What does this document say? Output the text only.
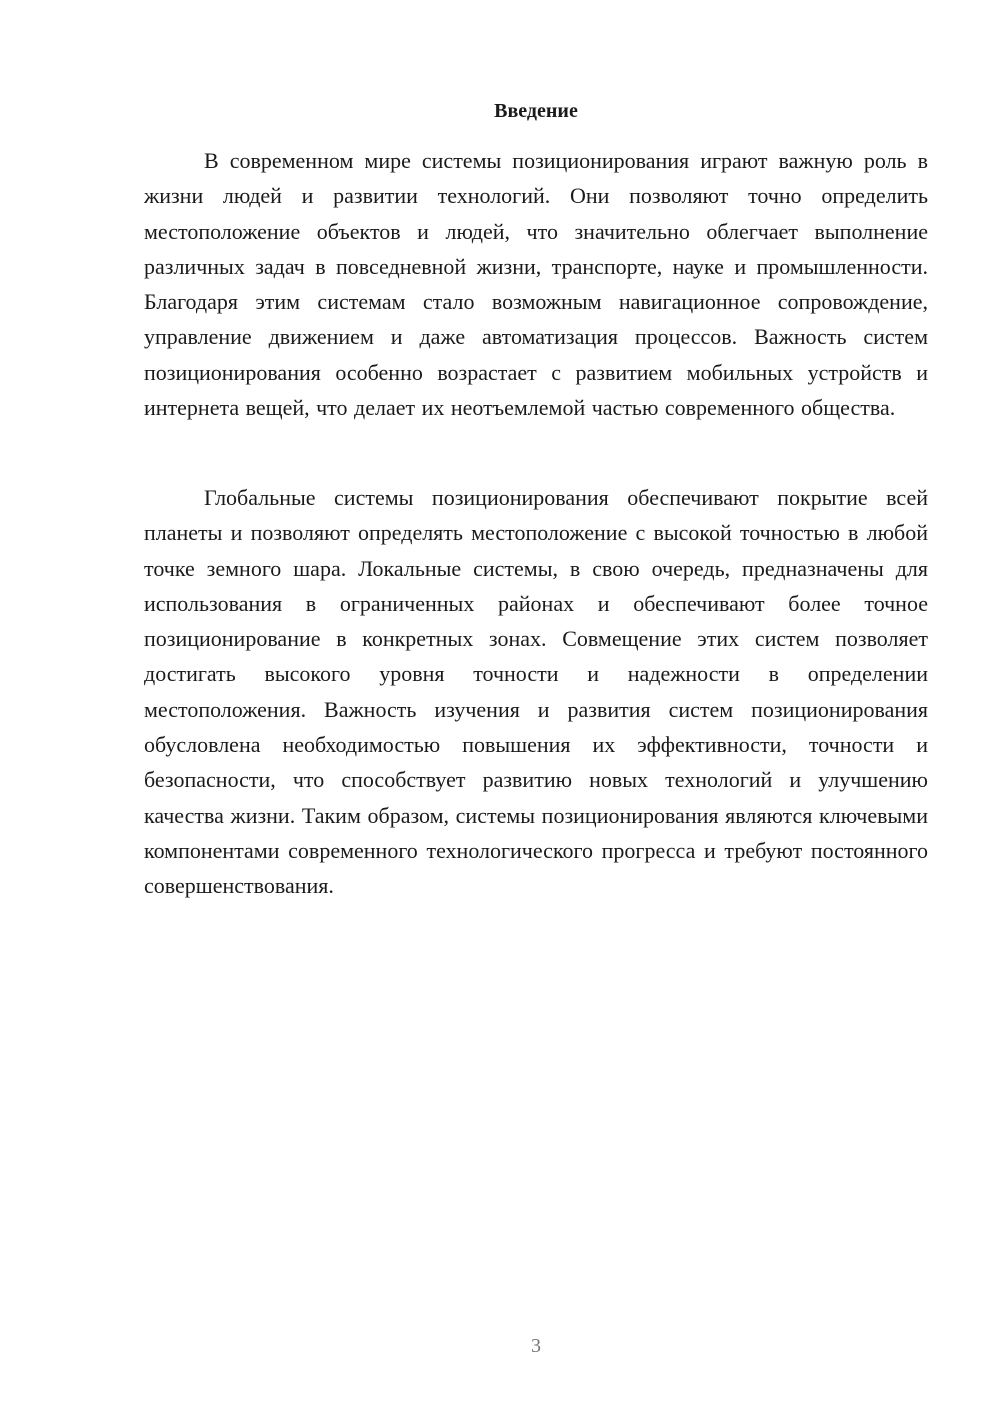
Введение

В современном мире системы позиционирования играют важную роль в жизни людей и развитии технологий. Они позволяют точно определить местоположение объектов и людей, что значительно облегчает выполнение различных задач в повседневной жизни, транспорте, науке и промышленности. Благодаря этим системам стало возможным навигационное сопровождение, управление движением и даже автоматизация процессов. Важность систем позиционирования особенно возрастает с развитием мобильных устройств и интернета вещей, что делает их неотъемлемой частью современного общества.

Глобальные системы позиционирования обеспечивают покрытие всей планеты и позволяют определять местоположение с высокой точностью в любой точке земного шара. Локальные системы, в свою очередь, предназначены для использования в ограниченных районах и обеспечивают более точное позиционирование в конкретных зонах. Совмещение этих систем позволяет достигать высокого уровня точности и надежности в определении местоположения. Важность изучения и развития систем позиционирования обусловлена необходимостью повышения их эффективности, точности и безопасности, что способствует развитию новых технологий и улучшению качества жизни. Таким образом, системы позиционирования являются ключевыми компонентами современного технологического прогресса и требуют постоянного совершенствования.

3
